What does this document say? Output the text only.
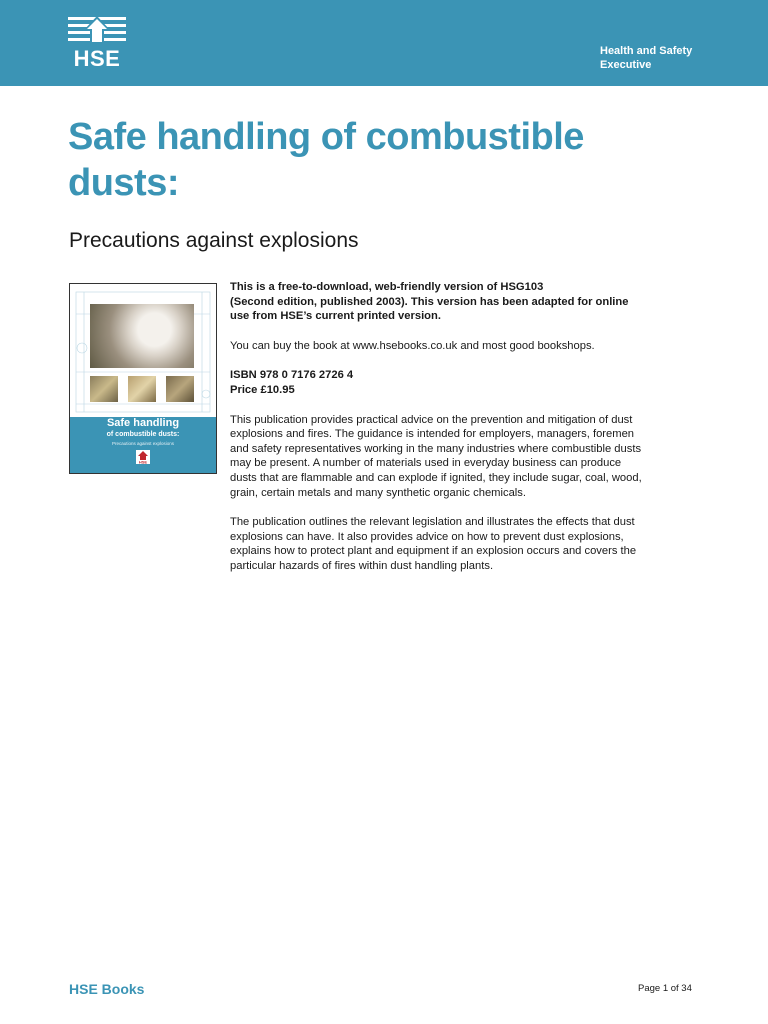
HSE	Health and Safety
Executive
Safe handling of combustible
dusts:
Precautions against explosions
Safe handling
of combustible dusts:
Precautions against explosions
HSE

This is a free-to-download, web-friendly version of HSG103
(Second edition, published 2003). This version has been adapted for online
use from HSE’s current printed version.

You can buy the book at www.hsebooks.co.uk and most good bookshops.

ISBN 978 0 7176 2726 4
Price £10.95

This publication provides practical advice on the prevention and mitigation of dust
explosions and fires. The guidance is intended for employers, managers, foremen
and safety representatives working in the many industries where combustible dusts
may be present. A number of materials used in everyday business can produce
dusts that are flammable and can explode if ignited, they include sugar, coal, wood,
grain, certain metals and many synthetic organic chemicals.

The publication outlines the relevant legislation and illustrates the effects that dust
explosions can have. It also provides advice on how to prevent dust explosions,
explains how to protect plant and equipment if an explosion occurs and covers the
particular hazards of fires within dust handling plants.

HSE Books	Page 1 of 34
